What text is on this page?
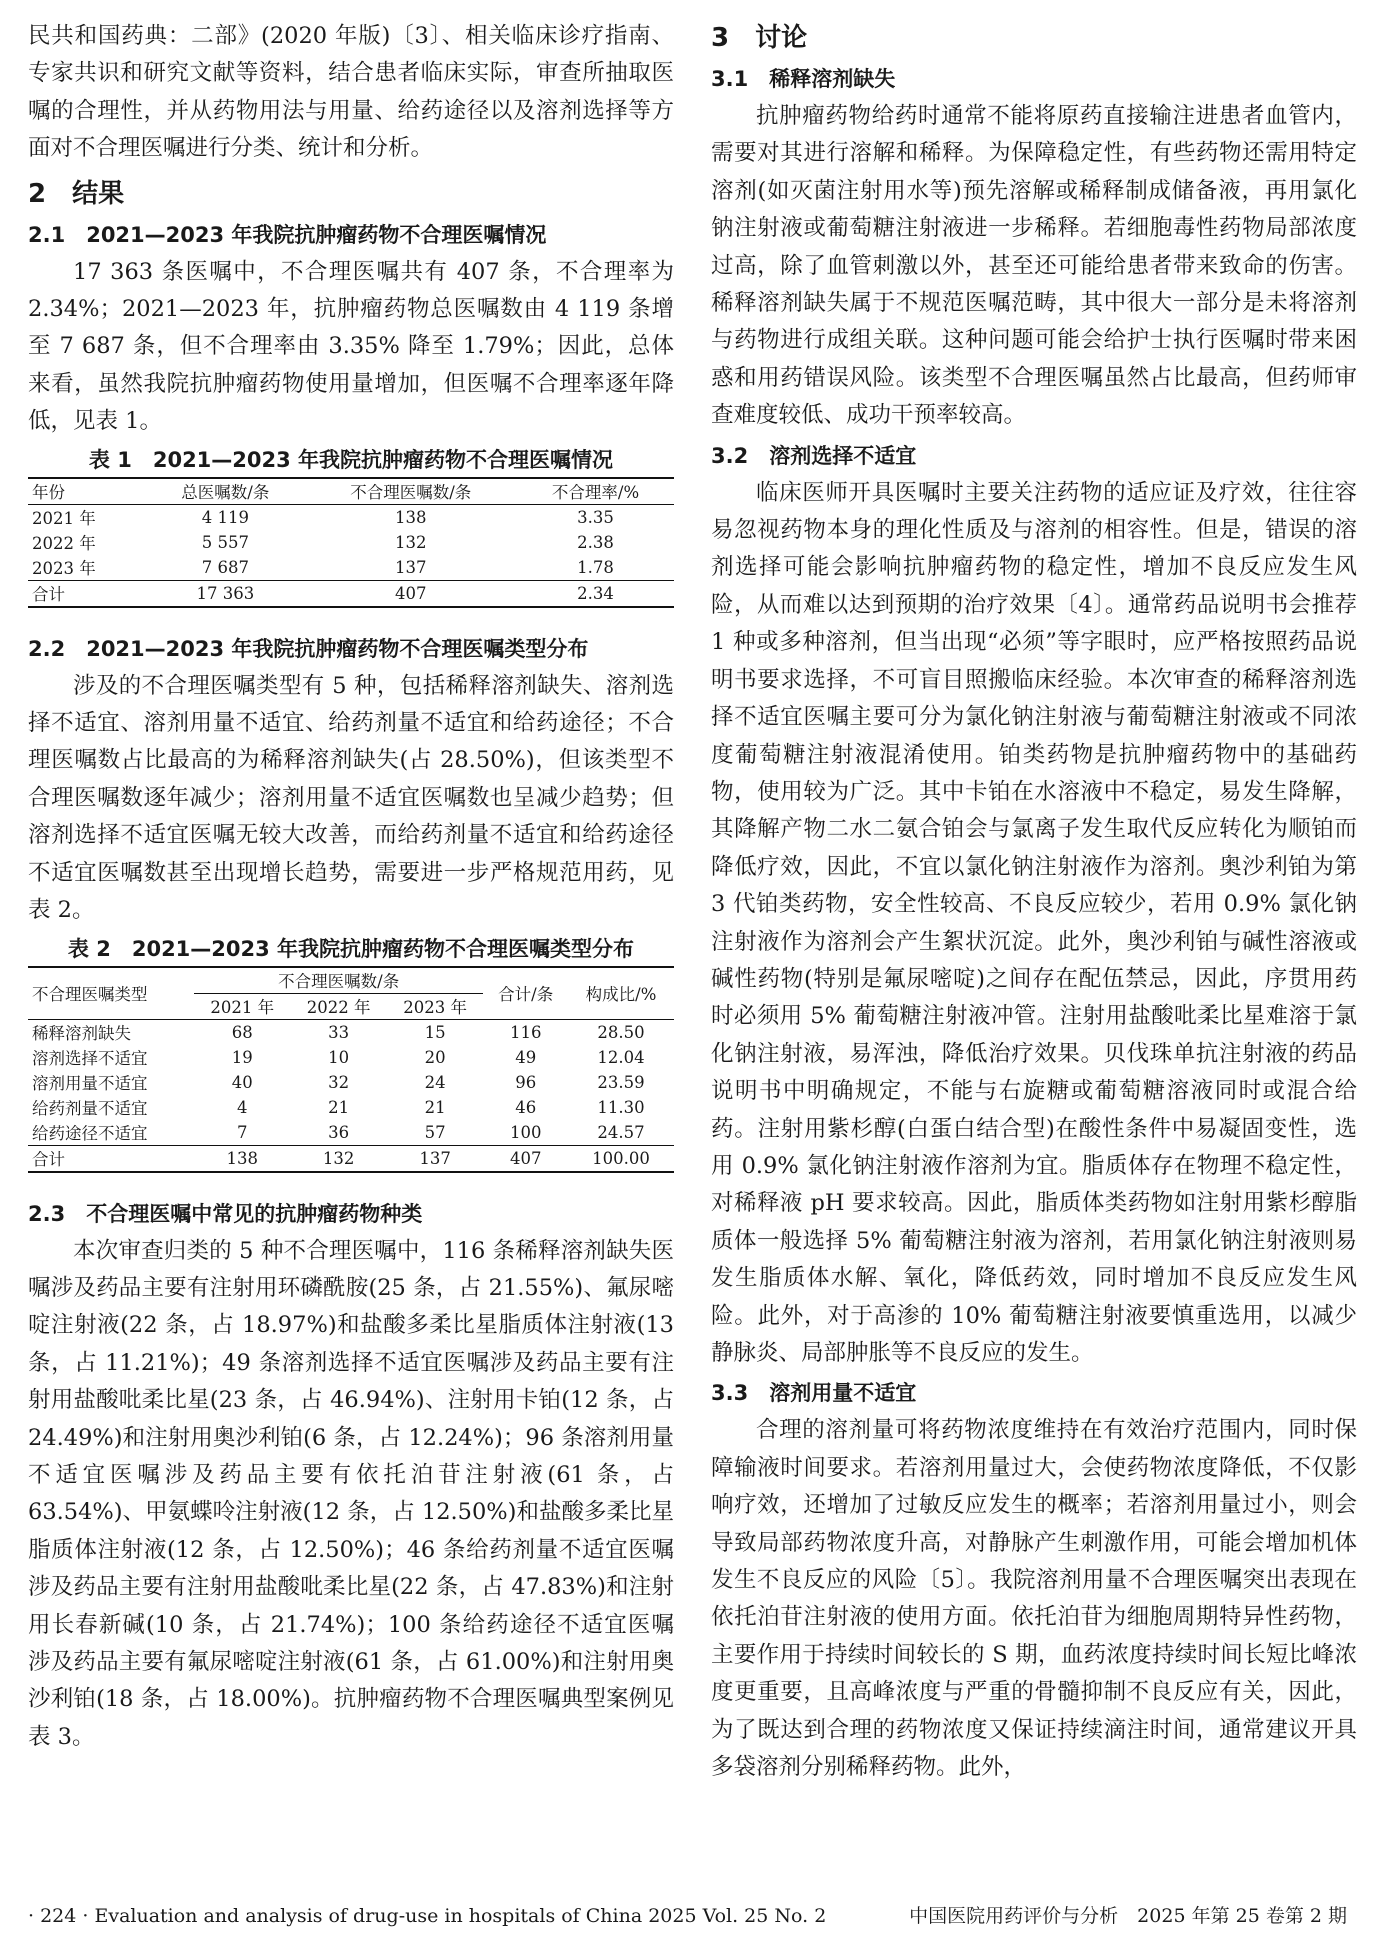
民共和国药典：二部》(2020 年版)〔3〕、相关临床诊疗指南、专家共识和研究文献等资料，结合患者临床实际，审查所抽取医嘱的合理性，并从药物用法与用量、给药途径以及溶剂选择等方面对不合理医嘱进行分类、统计和分析。

2　结果
2.1　2021—2023 年我院抗肿瘤药物不合理医嘱情况

17 363 条医嘱中，不合理医嘱共有 407 条，不合理率为 2.34%；2021—2023 年，抗肿瘤药物总医嘱数由 4 119 条增至 7 687 条，但不合理率由 3.35% 降至 1.79%；因此，总体来看，虽然我院抗肿瘤药物使用量增加，但医嘱不合理率逐年降低，见表 1。

表 1　2021—2023 年我院抗肿瘤药物不合理医嘱情况
年份	总医嘱数/条	不合理医嘱数/条	不合理率/%
2021 年	4 119	138	3.35
2022 年	5 557	132	2.38
2023 年	7 687	137	1.78
合计	17 363	407	2.34
2.2　2021—2023 年我院抗肿瘤药物不合理医嘱类型分布

涉及的不合理医嘱类型有 5 种，包括稀释溶剂缺失、溶剂选择不适宜、溶剂用量不适宜、给药剂量不适宜和给药途径；不合理医嘱数占比最高的为稀释溶剂缺失(占 28.50%)，但该类型不合理医嘱数逐年减少；溶剂用量不适宜医嘱数也呈减少趋势；但溶剂选择不适宜医嘱无较大改善，而给药剂量不适宜和给药途径不适宜医嘱数甚至出现增长趋势，需要进一步严格规范用药，见表 2。

表 2　2021—2023 年我院抗肿瘤药物不合理医嘱类型分布
不合理医嘱类型	不合理医嘱数/条			合计/条	构成比/%
	2021 年	2022 年	2023 年		
稀释溶剂缺失	68	33	15	116	28.50
溶剂选择不适宜	19	10	20	49	12.04
溶剂用量不适宜	40	32	24	96	23.59
给药剂量不适宜	4	21	21	46	11.30
给药途径不适宜	7	36	57	100	24.57
合计	138	132	137	407	100.00
2.3　不合理医嘱中常见的抗肿瘤药物种类

本次审查归类的 5 种不合理医嘱中，116 条稀释溶剂缺失医嘱涉及药品主要有注射用环磷酰胺(25 条，占 21.55%)、氟尿嘧啶注射液(22 条，占 18.97%)和盐酸多柔比星脂质体注射液(13 条，占 11.21%)；49 条溶剂选择不适宜医嘱涉及药品主要有注射用盐酸吡柔比星(23 条，占 46.94%)、注射用卡铂(12 条，占 24.49%)和注射用奥沙利铂(6 条，占 12.24%)；96 条溶剂用量不适宜医嘱涉及药品主要有依托泊苷注射液(61 条，占 63.54%)、甲氨蝶呤注射液(12 条，占 12.50%)和盐酸多柔比星脂质体注射液(12 条，占 12.50%)；46 条给药剂量不适宜医嘱涉及药品主要有注射用盐酸吡柔比星(22 条，占 47.83%)和注射用长春新碱(10 条，占 21.74%)；100 条给药途径不适宜医嘱涉及药品主要有氟尿嘧啶注射液(61 条，占 61.00%)和注射用奥沙利铂(18 条，占 18.00%)。抗肿瘤药物不合理医嘱典型案例见表 3。

3　讨论
3.1　稀释溶剂缺失

抗肿瘤药物给药时通常不能将原药直接输注进患者血管内，需要对其进行溶解和稀释。为保障稳定性，有些药物还需用特定溶剂(如灭菌注射用水等)预先溶解或稀释制成储备液，再用氯化钠注射液或葡萄糖注射液进一步稀释。若细胞毒性药物局部浓度过高，除了血管刺激以外，甚至还可能给患者带来致命的伤害。稀释溶剂缺失属于不规范医嘱范畴，其中很大一部分是未将溶剂与药物进行成组关联。这种问题可能会给护士执行医嘱时带来困惑和用药错误风险。该类型不合理医嘱虽然占比最高，但药师审查难度较低、成功干预率较高。

3.2　溶剂选择不适宜

临床医师开具医嘱时主要关注药物的适应证及疗效，往往容易忽视药物本身的理化性质及与溶剂的相容性。但是，错误的溶剂选择可能会影响抗肿瘤药物的稳定性，增加不良反应发生风险，从而难以达到预期的治疗效果〔4〕。通常药品说明书会推荐 1 种或多种溶剂，但当出现“必须”等字眼时，应严格按照药品说明书要求选择，不可盲目照搬临床经验。本次审查的稀释溶剂选择不适宜医嘱主要可分为氯化钠注射液与葡萄糖注射液或不同浓度葡萄糖注射液混淆使用。铂类药物是抗肿瘤药物中的基础药物，使用较为广泛。其中卡铂在水溶液中不稳定，易发生降解，其降解产物二水二氨合铂会与氯离子发生取代反应转化为顺铂而降低疗效，因此，不宜以氯化钠注射液作为溶剂。奥沙利铂为第 3 代铂类药物，安全性较高、不良反应较少，若用 0.9% 氯化钠注射液作为溶剂会产生絮状沉淀。此外，奥沙利铂与碱性溶液或碱性药物(特别是氟尿嘧啶)之间存在配伍禁忌，因此，序贯用药时必须用 5% 葡萄糖注射液冲管。注射用盐酸吡柔比星难溶于氯化钠注射液，易浑浊，降低治疗效果。贝伐珠单抗注射液的药品说明书中明确规定，不能与右旋糖或葡萄糖溶液同时或混合给药。注射用紫杉醇(白蛋白结合型)在酸性条件中易凝固变性，选用 0.9% 氯化钠注射液作溶剂为宜。脂质体存在物理不稳定性，对稀释液 pH 要求较高。因此，脂质体类药物如注射用紫杉醇脂质体一般选择 5% 葡萄糖注射液为溶剂，若用氯化钠注射液则易发生脂质体水解、氧化，降低药效，同时增加不良反应发生风险。此外，对于高渗的 10% 葡萄糖注射液要慎重选用，以减少静脉炎、局部肿胀等不良反应的发生。

3.3　溶剂用量不适宜

合理的溶剂量可将药物浓度维持在有效治疗范围内，同时保障输液时间要求。若溶剂用量过大，会使药物浓度降低，不仅影响疗效，还增加了过敏反应发生的概率；若溶剂用量过小，则会导致局部药物浓度升高，对静脉产生刺激作用，可能会增加机体发生不良反应的风险〔5〕。我院溶剂用量不合理医嘱突出表现在依托泊苷注射液的使用方面。依托泊苷为细胞周期特异性药物，主要作用于持续时间较长的 S 期，血药浓度持续时间长短比峰浓度更重要，且高峰浓度与严重的骨髓抑制不良反应有关，因此，为了既达到合理的药物浓度又保证持续滴注时间，通常建议开具多袋溶剂分别稀释药物。此外，

· 224 · Evaluation and analysis of drug-use in hospitals of China 2025 Vol. 25 No. 2	中国医院用药评价与分析　2025 年第 25 卷第 2 期
